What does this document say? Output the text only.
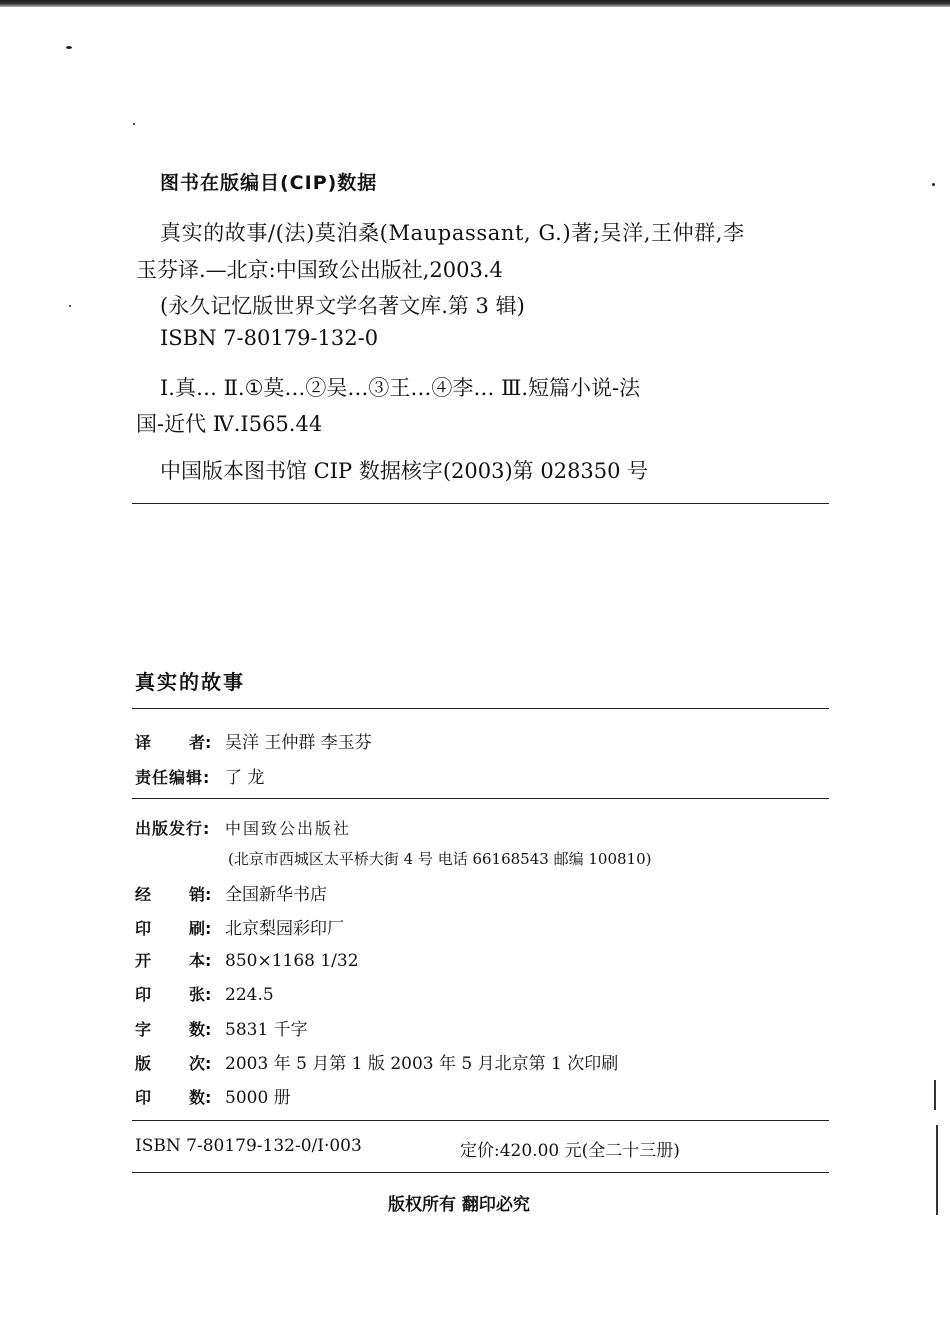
图书在版编目(CIP)数据
真实的故事/(法)莫泊桑(Maupassant, G.)著;吴洋,王仲群,李
玉芬译.—北京:中国致公出版社,2003.4
(永久记忆版世界文学名著文库.第 3 辑)
ISBN 7-80179-132-0
Ⅰ.真… Ⅱ.①莫…②吴…③王…④李… Ⅲ.短篇小说-法
国-近代 Ⅳ.I565.44
中国版本图书馆 CIP 数据核字(2003)第 028350 号
真实的故事
译 者: 吴洋 王仲群 李玉芬
责任编辑: 了 龙
出版发行: 中国致公出版社
(北京市西城区太平桥大街 4 号 电话 66168543 邮编 100810)
经 销: 全国新华书店
印 刷: 北京梨园彩印厂
开 本: 850×1168 1/32
印 张: 224.5
字 数: 5831 千字
版 次: 2003 年 5 月第 1 版 2003 年 5 月北京第 1 次印刷
印 数: 5000 册
ISBN 7-80179-132-0/I·003	定价:420.00 元(全二十三册)
版权所有 翻印必究
